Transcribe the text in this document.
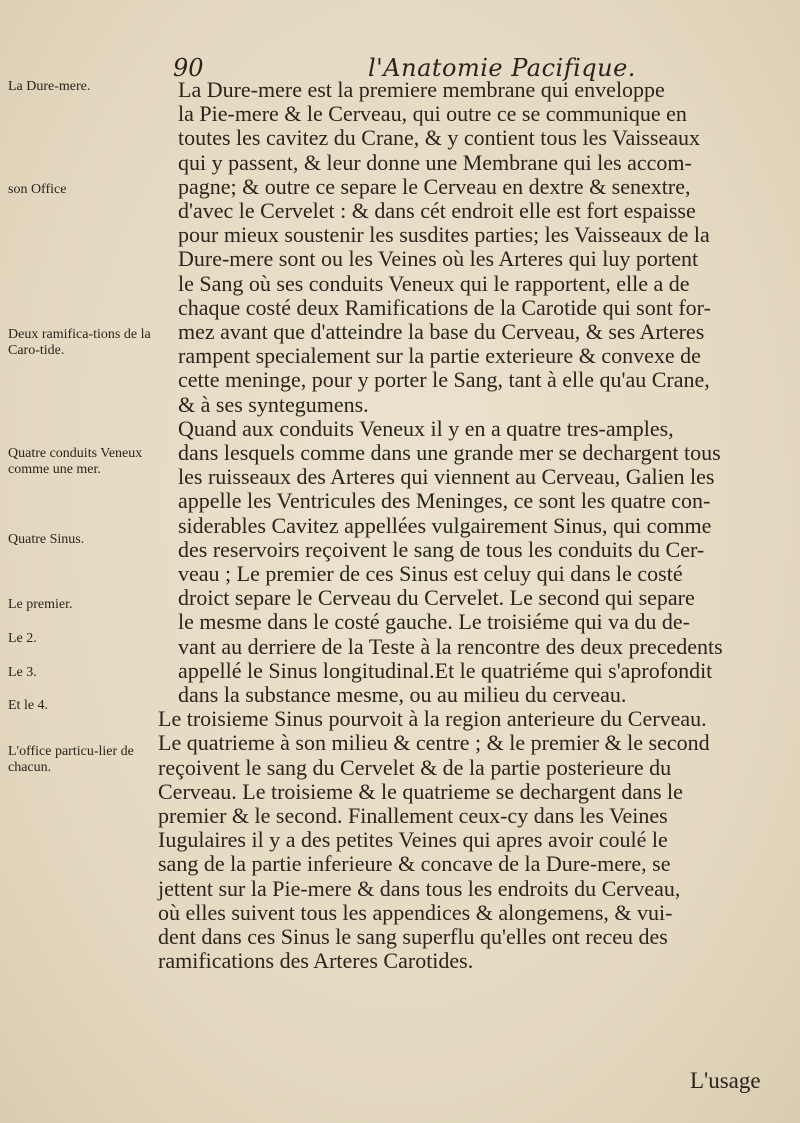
90	l'Anatomie Pacifique.
La Dure-mere.
son Office
Deux ramifica-tions de la Caro-tide.
Quatre conduits Veneux comme une mer.
Quatre Sinus.
Le premier.
Le 2.
Le 3.
Et le 4.
L'office particu-lier de chacun.
La Dure-mere est la premiere membrane qui enveloppe
la Pie-mere & le Cerveau, qui outre ce se communique en
toutes les cavitez du Crane, & y contient tous les Vaisseaux
qui y passent, & leur donne une Membrane qui les accom-
pagne; & outre ce separe le Cerveau en dextre & senextre,
d'avec le Cervelet : & dans cét endroit elle est fort espaisse
pour mieux soustenir les susdites parties; les Vaisseaux de la
Dure-mere sont ou les Veines où les Arteres qui luy portent
le Sang où ses conduits Veneux qui le rapportent, elle a de
chaque costé deux Ramifications de la Carotide qui sont for-
mez avant que d'atteindre la base du Cerveau, & ses Arteres
rampent specialement sur la partie exterieure & convexe de
cette meninge, pour y porter le Sang, tant à elle qu'au Crane,
& à ses syntegumens.
Quand aux conduits Veneux il y en a quatre tres-amples,
dans lesquels comme dans une grande mer se dechargent tous
les ruisseaux des Arteres qui viennent au Cerveau, Galien les
appelle les Ventricules des Meninges, ce sont les quatre con-
siderables Cavitez appellées vulgairement Sinus, qui comme
des reservoirs reçoivent le sang de tous les conduits du Cer-
veau ; Le premier de ces Sinus est celuy qui dans le costé
droict separe le Cerveau du Cervelet. Le second qui separe
le mesme dans le costé gauche. Le troisiéme qui va du de-
vant au derriere de la Teste à la rencontre des deux precedents
appellé le Sinus longitudinal.Et le quatriéme qui s'aprofondit
dans la substance mesme, ou au milieu du cerveau.
Le troisieme Sinus pourvoit à la region anterieure du Cerveau.
Le quatrieme à son milieu & centre ; & le premier & le second
reçoivent le sang du Cervelet & de la partie posterieure du
Cerveau. Le troisieme & le quatrieme se dechargent dans le
premier & le second. Finallement ceux-cy dans les Veines
Iugulaires il y a des petites Veines qui apres avoir coulé le
sang de la partie inferieure & concave de la Dure-mere, se
jettent sur la Pie-mere & dans tous les endroits du Cerveau,
où elles suivent tous les appendices & alongemens, & vui-
dent dans ces Sinus le sang superflu qu'elles ont receu des
ramifications des Arteres Carotides.
L'usage
